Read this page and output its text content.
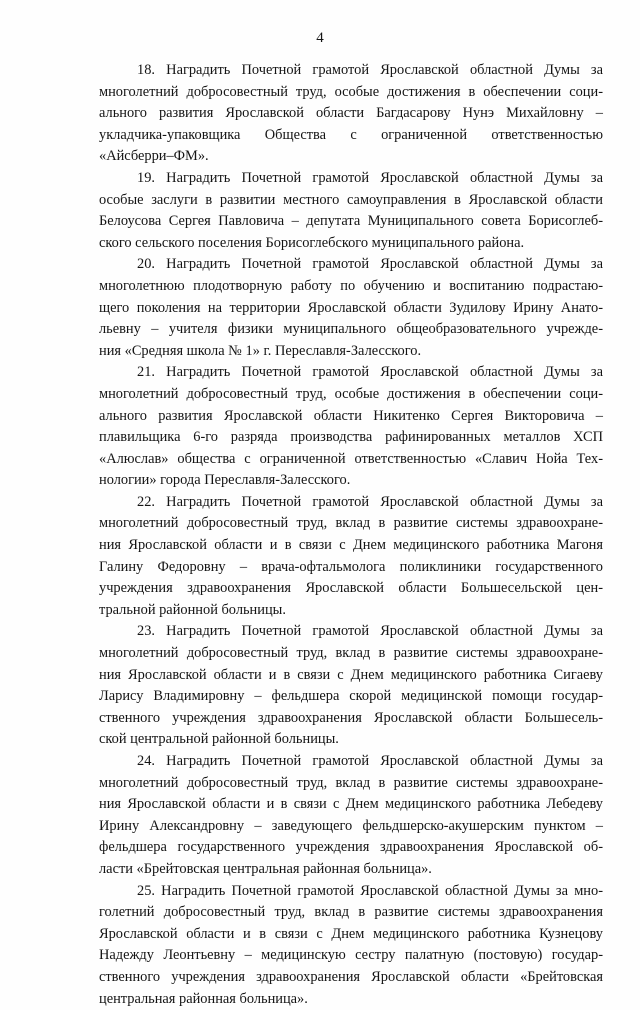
4
18. Наградить Почетной грамотой Ярославской областной Думы за
многолетний добросовестный труд, особые достижения в обеспечении соци-
ального развития Ярославской области Багдасарову Нунэ Михайловну –
укладчика-упаковщика Общества с ограниченной ответственностью
«Айсберри–ФМ».
19. Наградить Почетной грамотой Ярославской областной Думы за
особые заслуги в развитии местного самоуправления в Ярославской области
Белоусова Сергея Павловича – депутата Муниципального совета Борисоглеб-
ского сельского поселения Борисоглебского муниципального района.
20. Наградить Почетной грамотой Ярославской областной Думы за
многолетнюю плодотворную работу по обучению и воспитанию подрастаю-
щего поколения на территории Ярославской области Зудилову Ирину Анато-
льевну – учителя физики муниципального общеобразовательного учрежде-
ния «Средняя школа № 1» г. Переславля-Залесского.
21. Наградить Почетной грамотой Ярославской областной Думы за
многолетний добросовестный труд, особые достижения в обеспечении соци-
ального развития Ярославской области Никитенко Сергея Викторовича –
плавильщика 6-го разряда производства рафинированных металлов ХСП
«Алюслав» общества с ограниченной ответственностью «Славич Нойа Тех-
нологии» города Переславля-Залесского.
22. Наградить Почетной грамотой Ярославской областной Думы за
многолетний добросовестный труд, вклад в развитие системы здравоохране-
ния Ярославской области и в связи с Днем медицинского работника Магоня
Галину Федоровну – врача-офтальмолога поликлиники государственного
учреждения здравоохранения Ярославской области Большесельской цен-
тральной районной больницы.
23. Наградить Почетной грамотой Ярославской областной Думы за
многолетний добросовестный труд, вклад в развитие системы здравоохране-
ния Ярославской области и в связи с Днем медицинского работника Сигаеву
Ларису Владимировну – фельдшера скорой медицинской помощи государ-
ственного учреждения здравоохранения Ярославской области Большесель-
ской центральной районной больницы.
24. Наградить Почетной грамотой Ярославской областной Думы за
многолетний добросовестный труд, вклад в развитие системы здравоохране-
ния Ярославской области и в связи с Днем медицинского работника Лебедеву
Ирину Александровну – заведующего фельдшерско-акушерским пунктом –
фельдшера государственного учреждения здравоохранения Ярославской об-
ласти «Брейтовская центральная районная больница».
25. Наградить Почетной грамотой Ярославской областной Думы за мно-
голетний добросовестный труд, вклад в развитие системы здравоохранения
Ярославской области и в связи с Днем медицинского работника Кузнецову
Надежду Леонтьевну – медицинскую сестру палатную (постовую) государ-
ственного учреждения здравоохранения Ярославской области «Брейтовская
центральная районная больница».
